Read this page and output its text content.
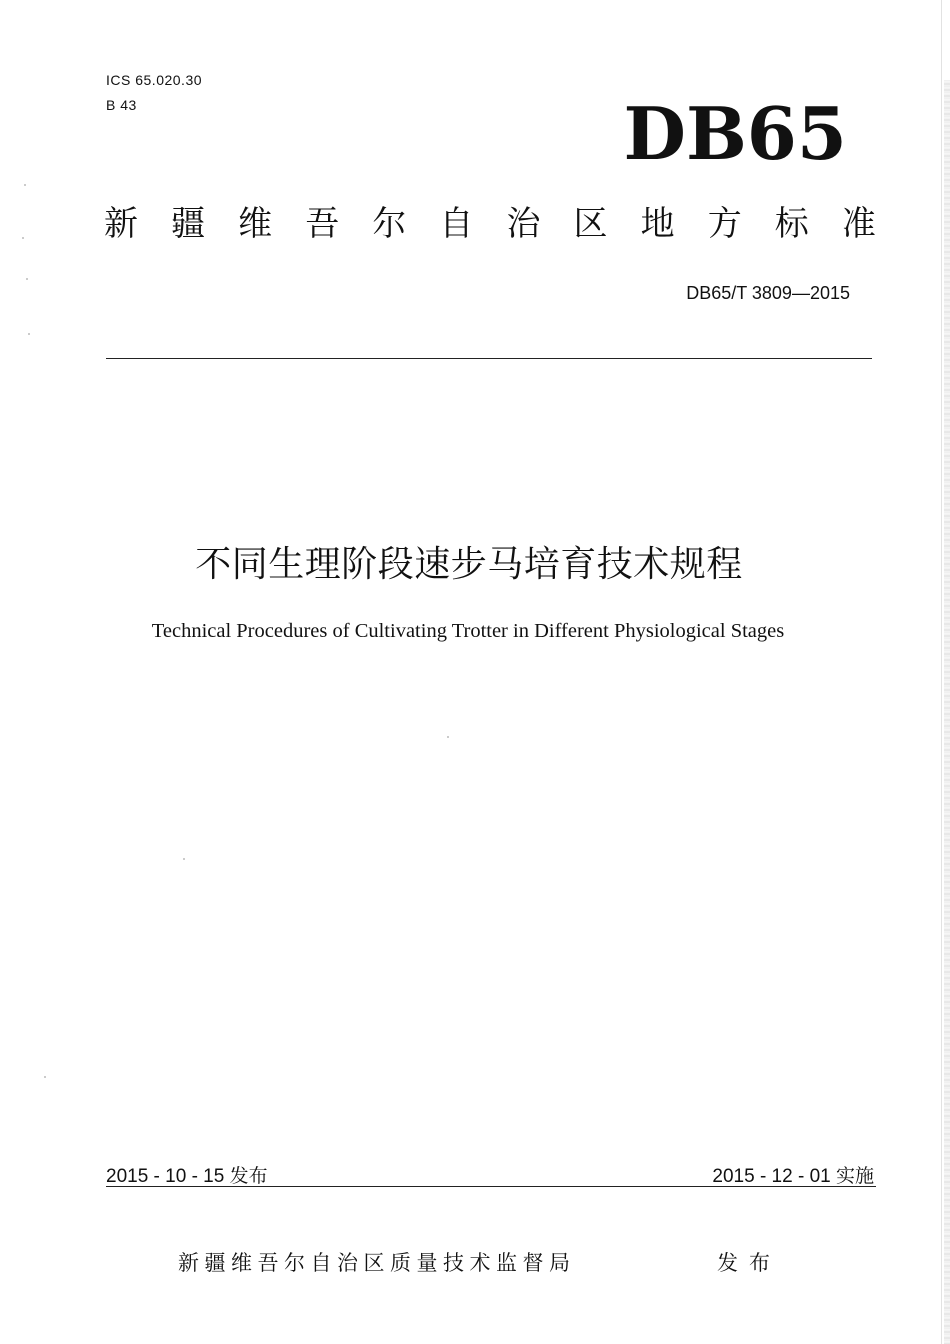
ICS 65.020.30
B 43	DB65
新 疆 维 吾 尔 自 治 区 地 方 标 准
DB65/T 3809—2015
不同生理阶段速步马培育技术规程
Technical Procedures of Cultivating Trotter in Different Physiological Stages
2015 - 10 - 15 发布	2015 - 12 - 01 实施
新疆维吾尔自治区质量技术监督局	发布
